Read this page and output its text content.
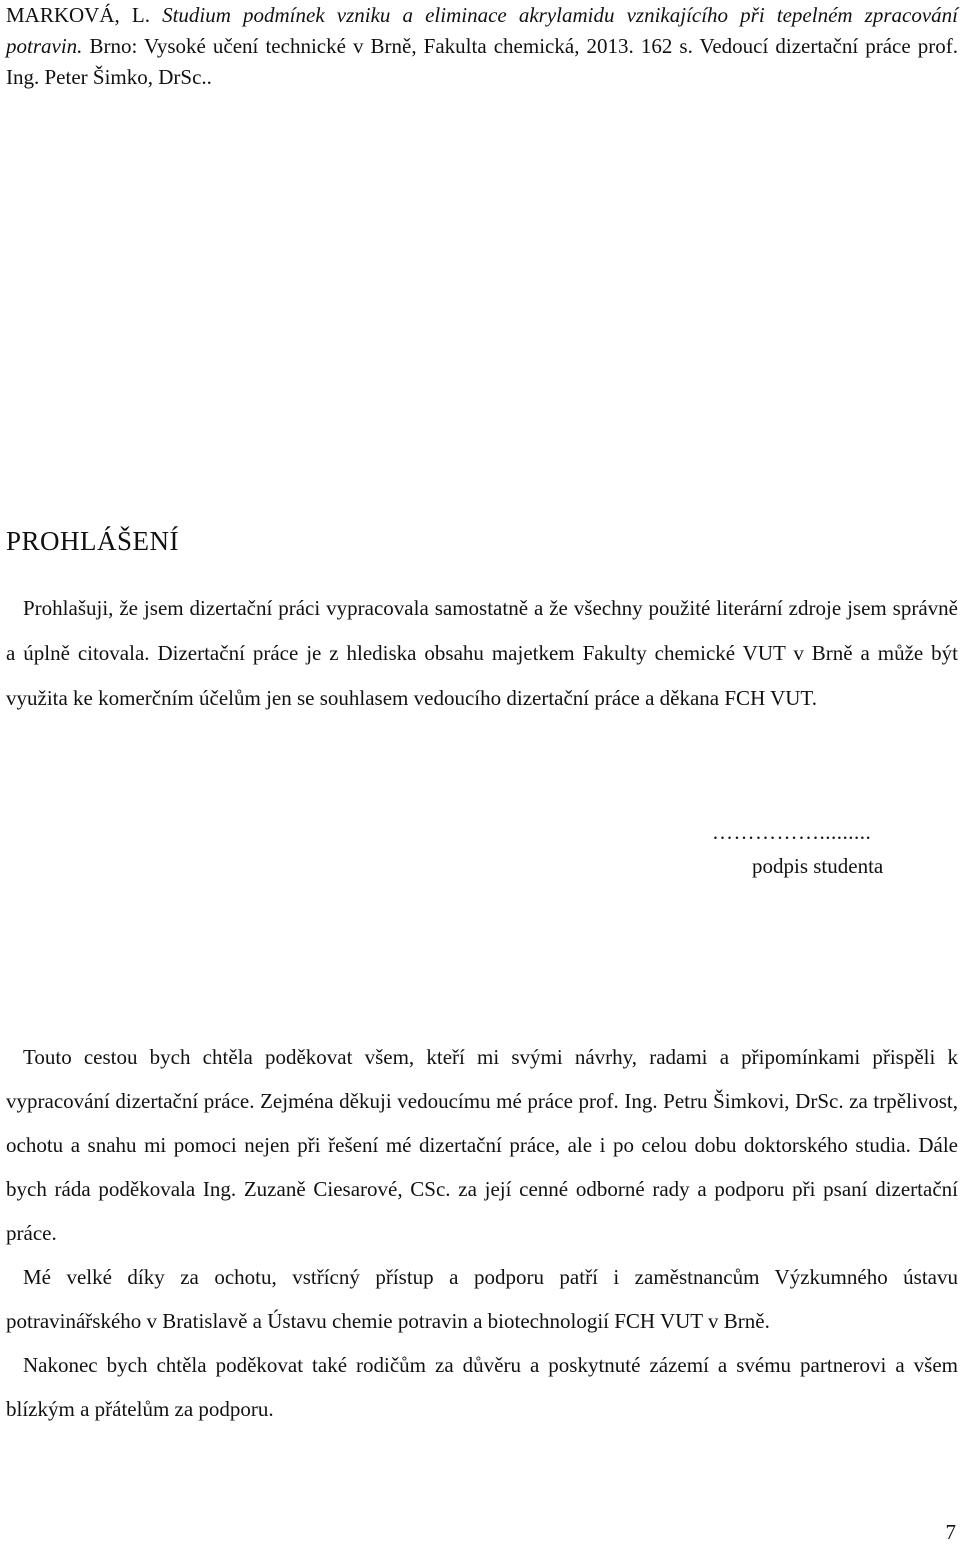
MARKOVÁ, L. Studium podmínek vzniku a eliminace akrylamidu vznikajícího při tepelném zpracování potravin. Brno: Vysoké učení technické v Brně, Fakulta chemická, 2013. 162 s. Vedoucí dizertační práce prof. Ing. Peter Šimko, DrSc..
PROHLÁŠENÍ

Prohlašuji, že jsem dizertační práci vypracovala samostatně a že všechny použité literární zdroje jsem správně a úplně citovala. Dizertační práce je z hlediska obsahu majetkem Fakulty chemické VUT v Brně a může být využita ke komerčním účelům jen se souhlasem vedoucího dizertační práce a děkana FCH VUT.

…………….........
podpis studenta

Touto cestou bych chtěla poděkovat všem, kteří mi svými návrhy, radami a připomínkami přispěli k vypracování dizertační práce. Zejména děkuji vedoucímu mé práce prof. Ing. Petru Šimkovi, DrSc. za trpělivost, ochotu a snahu mi pomoci nejen při řešení mé dizertační práce, ale i po celou dobu doktorského studia. Dále bych ráda poděkovala Ing. Zuzaně Ciesarové, CSc. za její cenné odborné rady a podporu při psaní dizertační práce.

Mé velké díky za ochotu, vstřícný přístup a podporu patří i zaměstnancům Výzkumného ústavu potravinářského v Bratislavě a Ústavu chemie potravin a biotechnologií FCH VUT v Brně.

Nakonec bych chtěla poděkovat také rodičům za důvěru a poskytnuté zázemí a svému partnerovi a všem blízkým a přátelům za podporu.

7
